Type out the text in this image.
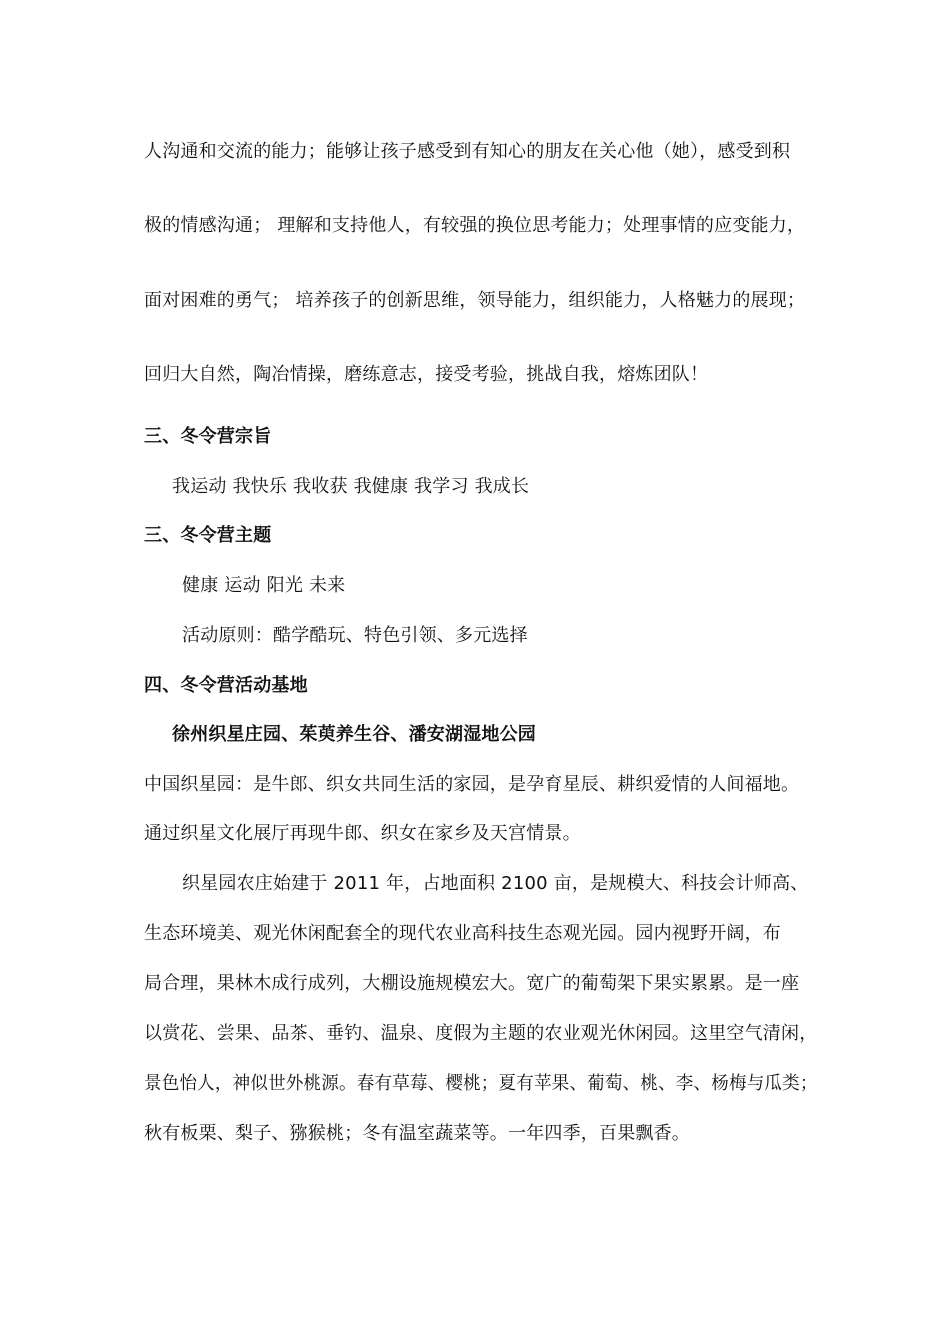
人沟通和交流的能力；能够让孩子感受到有知心的朋友在关心他（她），感受到积
极的情感沟通； 理解和支持他人，有较强的换位思考能力；处理事情的应变能力，
面对困难的勇气； 培养孩子的创新思维，领导能力，组织能力，人格魅力的展现；
回归大自然，陶冶情操，磨练意志，接受考验，挑战自我，熔炼团队！
三、冬令营宗旨
我运动 我快乐 我收获 我健康 我学习 我成长
三、冬令营主题
健康 运动 阳光 未来
活动原则：酷学酷玩、特色引领、多元选择
四、冬令营活动基地
徐州织星庄园、茱萸养生谷、潘安湖湿地公园
中国织星园：是牛郎、织女共同生活的家园，是孕育星辰、耕织爱情的人间福地。
通过织星文化展厅再现牛郎、织女在家乡及天宫情景。
织星园农庄始建于 2011 年，占地面积 2100 亩，是规模大、科技会计师高、
生态环境美、观光休闲配套全的现代农业高科技生态观光园。园内视野开阔，布
局合理，果林木成行成列，大棚设施规模宏大。宽广的葡萄架下果实累累。是一座
以赏花、尝果、品茶、垂钓、温泉、度假为主题的农业观光休闲园。这里空气清闲，
景色怡人，神似世外桃源。春有草莓、樱桃；夏有苹果、葡萄、桃、李、杨梅与瓜类；
秋有板栗、梨子、猕猴桃；冬有温室蔬菜等。一年四季，百果飘香。
